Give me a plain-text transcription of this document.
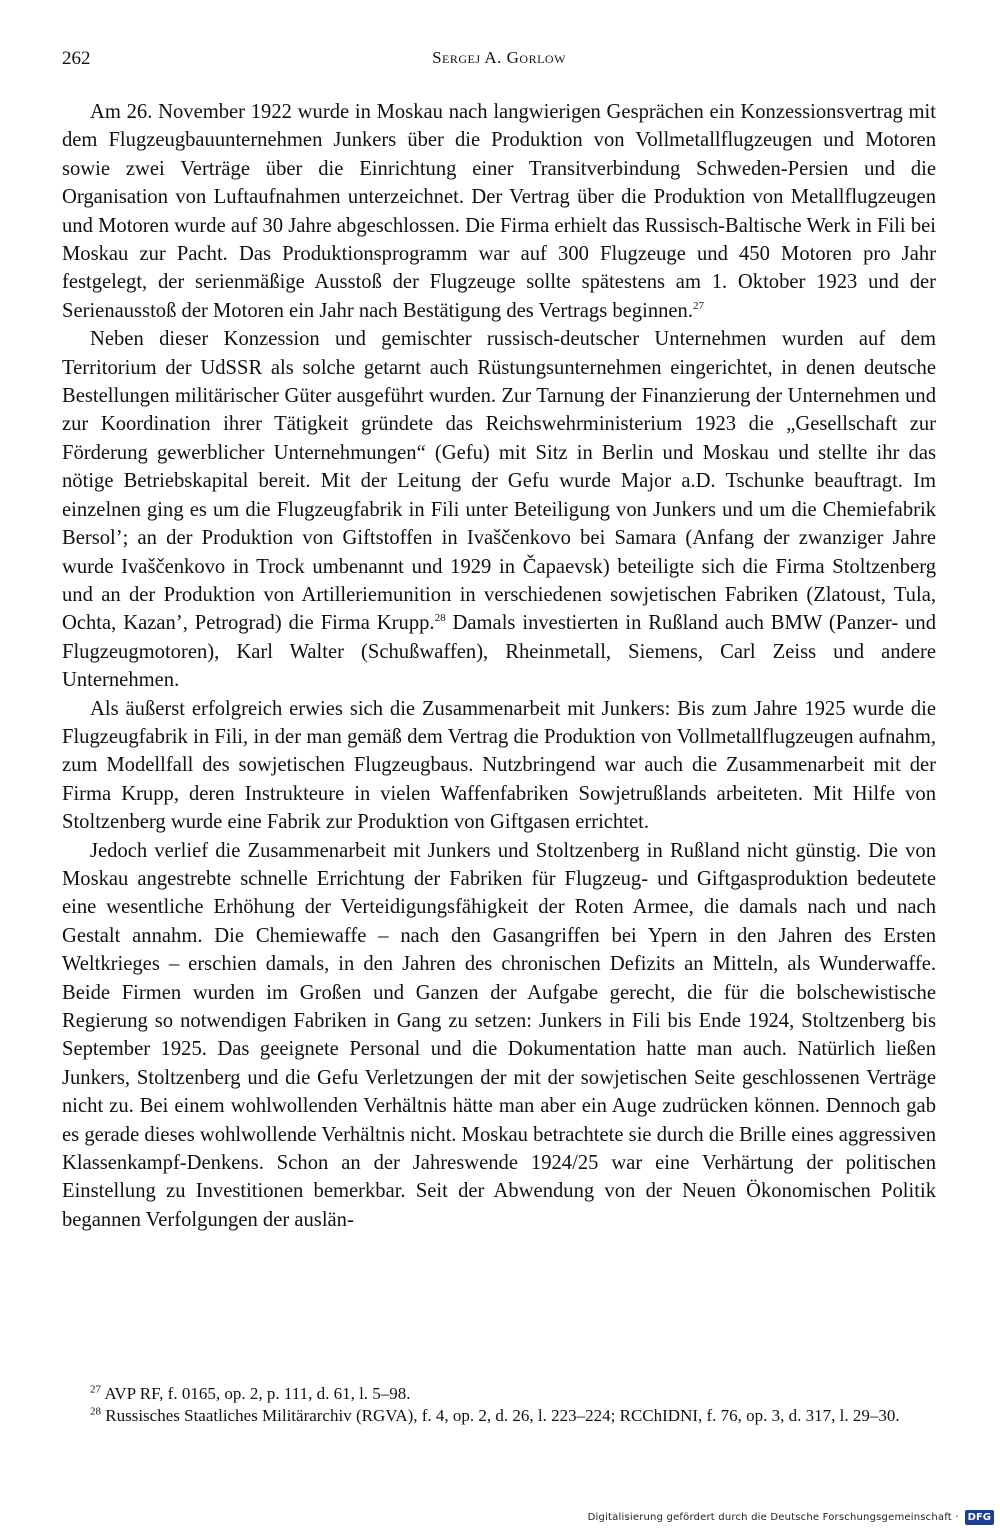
262	Sergej A. Gorlow

Am 26. November 1922 wurde in Moskau nach langwierigen Gesprächen ein Konzessionsvertrag mit dem Flugzeugbauunternehmen Junkers über die Produktion von Vollmetallflugzeugen und Motoren sowie zwei Verträge über die Einrichtung einer Transitverbindung Schweden-Persien und die Organisation von Luftaufnahmen unterzeichnet. Der Vertrag über die Produktion von Metallflugzeugen und Motoren wurde auf 30 Jahre abgeschlossen. Die Firma erhielt das Russisch-Baltische Werk in Fili bei Moskau zur Pacht. Das Produktionsprogramm war auf 300 Flugzeuge und 450 Motoren pro Jahr festgelegt, der serienmäßige Ausstoß der Flugzeuge sollte spätestens am 1. Oktober 1923 und der Serienausstoß der Motoren ein Jahr nach Bestätigung des Vertrags beginnen.$^{27}$

Neben dieser Konzession und gemischter russisch-deutscher Unternehmen wurden auf dem Territorium der UdSSR als solche getarnt auch Rüstungsunternehmen eingerichtet, in denen deutsche Bestellungen militärischer Güter ausgeführt wurden. Zur Tarnung der Finanzierung der Unternehmen und zur Koordination ihrer Tätigkeit gründete das Reichswehrministerium 1923 die „Gesellschaft zur Förderung gewerblicher Unternehmungen“ (Gefu) mit Sitz in Berlin und Moskau und stellte ihr das nötige Betriebskapital bereit. Mit der Leitung der Gefu wurde Major a.D. Tschunke beauftragt. Im einzelnen ging es um die Flugzeugfabrik in Fili unter Beteiligung von Junkers und um die Chemiefabrik Bersol’; an der Produktion von Giftstoffen in Ivaščenkovo bei Samara (Anfang der zwanziger Jahre wurde Ivaščenkovo in Trock umbenannt und 1929 in Čapaevsk) beteiligte sich die Firma Stoltzenberg und an der Produktion von Artilleriemunition in verschiedenen sowjetischen Fabriken (Zlatoust, Tula, Ochta, Kazan’, Petrograd) die Firma Krupp.$^{28}$ Damals investierten in Rußland auch BMW (Panzer- und Flugzeugmotoren), Karl Walter (Schußwaffen), Rheinmetall, Siemens, Carl Zeiss und andere Unternehmen.

Als äußerst erfolgreich erwies sich die Zusammenarbeit mit Junkers: Bis zum Jahre 1925 wurde die Flugzeugfabrik in Fili, in der man gemäß dem Vertrag die Produktion von Vollmetallflugzeugen aufnahm, zum Modellfall des sowjetischen Flugzeugbaus. Nutzbringend war auch die Zusammenarbeit mit der Firma Krupp, deren Instrukteure in vielen Waffenfabriken Sowjetrußlands arbeiteten. Mit Hilfe von Stoltzenberg wurde eine Fabrik zur Produktion von Giftgasen errichtet.

Jedoch verlief die Zusammenarbeit mit Junkers und Stoltzenberg in Rußland nicht günstig. Die von Moskau angestrebte schnelle Errichtung der Fabriken für Flugzeug- und Giftgasproduktion bedeutete eine wesentliche Erhöhung der Verteidigungsfähigkeit der Roten Armee, die damals nach und nach Gestalt annahm. Die Chemiewaffe – nach den Gasangriffen bei Ypern in den Jahren des Ersten Weltkrieges – erschien damals, in den Jahren des chronischen Defizits an Mitteln, als Wunderwaffe. Beide Firmen wurden im Großen und Ganzen der Aufgabe gerecht, die für die bolschewistische Regierung so notwendigen Fabriken in Gang zu setzen: Junkers in Fili bis Ende 1924, Stoltzenberg bis September 1925. Das geeignete Personal und die Dokumentation hatte man auch. Natürlich ließen Junkers, Stoltzenberg und die Gefu Verletzungen der mit der sowjetischen Seite geschlossenen Verträge nicht zu. Bei einem wohlwollenden Verhältnis hätte man aber ein Auge zudrücken können. Dennoch gab es gerade dieses wohlwollende Verhältnis nicht. Moskau betrachtete sie durch die Brille eines aggressiven Klassenkampf-Denkens. Schon an der Jahreswende 1924/25 war eine Verhärtung der politischen Einstellung zu Investitionen bemerkbar. Seit der Abwendung von der Neuen Ökonomischen Politik begannen Verfolgungen der auslän-

$^{27}$ AVP RF, f. 0165, op. 2, p. 111, d. 61, l. 5–98.

$^{28}$ Russisches Staatliches Militärarchiv (RGVA), f. 4, op. 2, d. 26, l. 223–224; RCChIDNI, f. 76, op. 3, d. 317, l. 29–30.

Digitalisierung gefördert durch die Deutsche Forschungsgemeinschaft · DFG
